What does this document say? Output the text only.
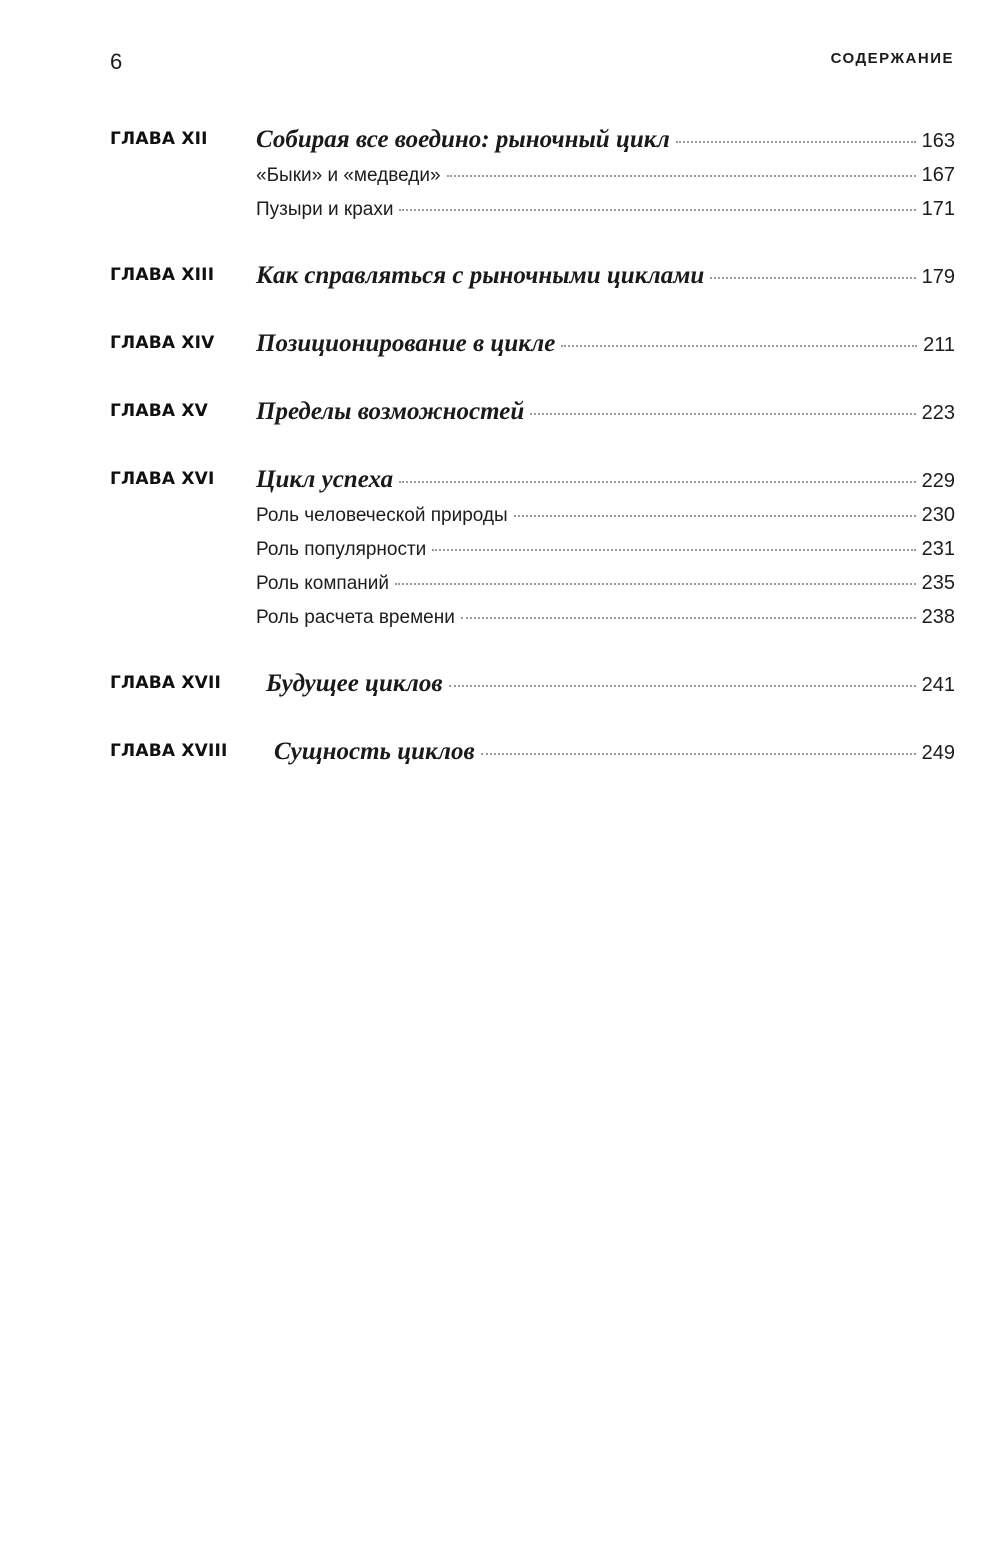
6	СОДЕРЖАНИЕ
ГЛАВА XII Собирая все воедино: рыночный цикл	163
«Быки» и «медведи»	167
Пузыри и крахи	171
ГЛАВА XIII Как справляться с рыночными циклами	179
ГЛАВА XIV Позиционирование в цикле	211
ГЛАВА XV Пределы возможностей	223
ГЛАВА XVI Цикл успеха	229
Роль человеческой природы	230
Роль популярности	231
Роль компаний	235
Роль расчета времени	238
ГЛАВА XVII Будущее циклов	241
ГЛАВА XVIII Сущность циклов	249
